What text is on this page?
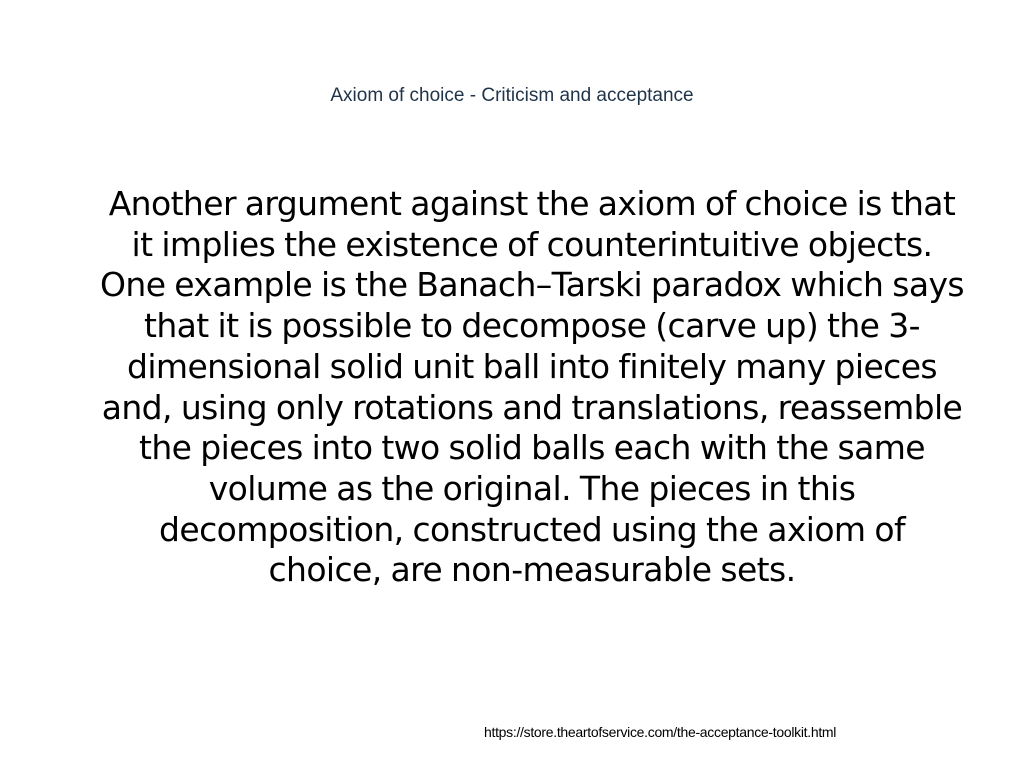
Axiom of choice - Criticism and acceptance
Another argument against the axiom of choice is that it implies the existence of counterintuitive objects. One example is the Banach–Tarski paradox which says that it is possible to decompose (carve up) the 3-dimensional solid unit ball into finitely many pieces and, using only rotations and translations, reassemble the pieces into two solid balls each with the same volume as the original. The pieces in this decomposition, constructed using the axiom of choice, are non-measurable sets.
https://store.theartofservice.com/the-acceptance-toolkit.html
